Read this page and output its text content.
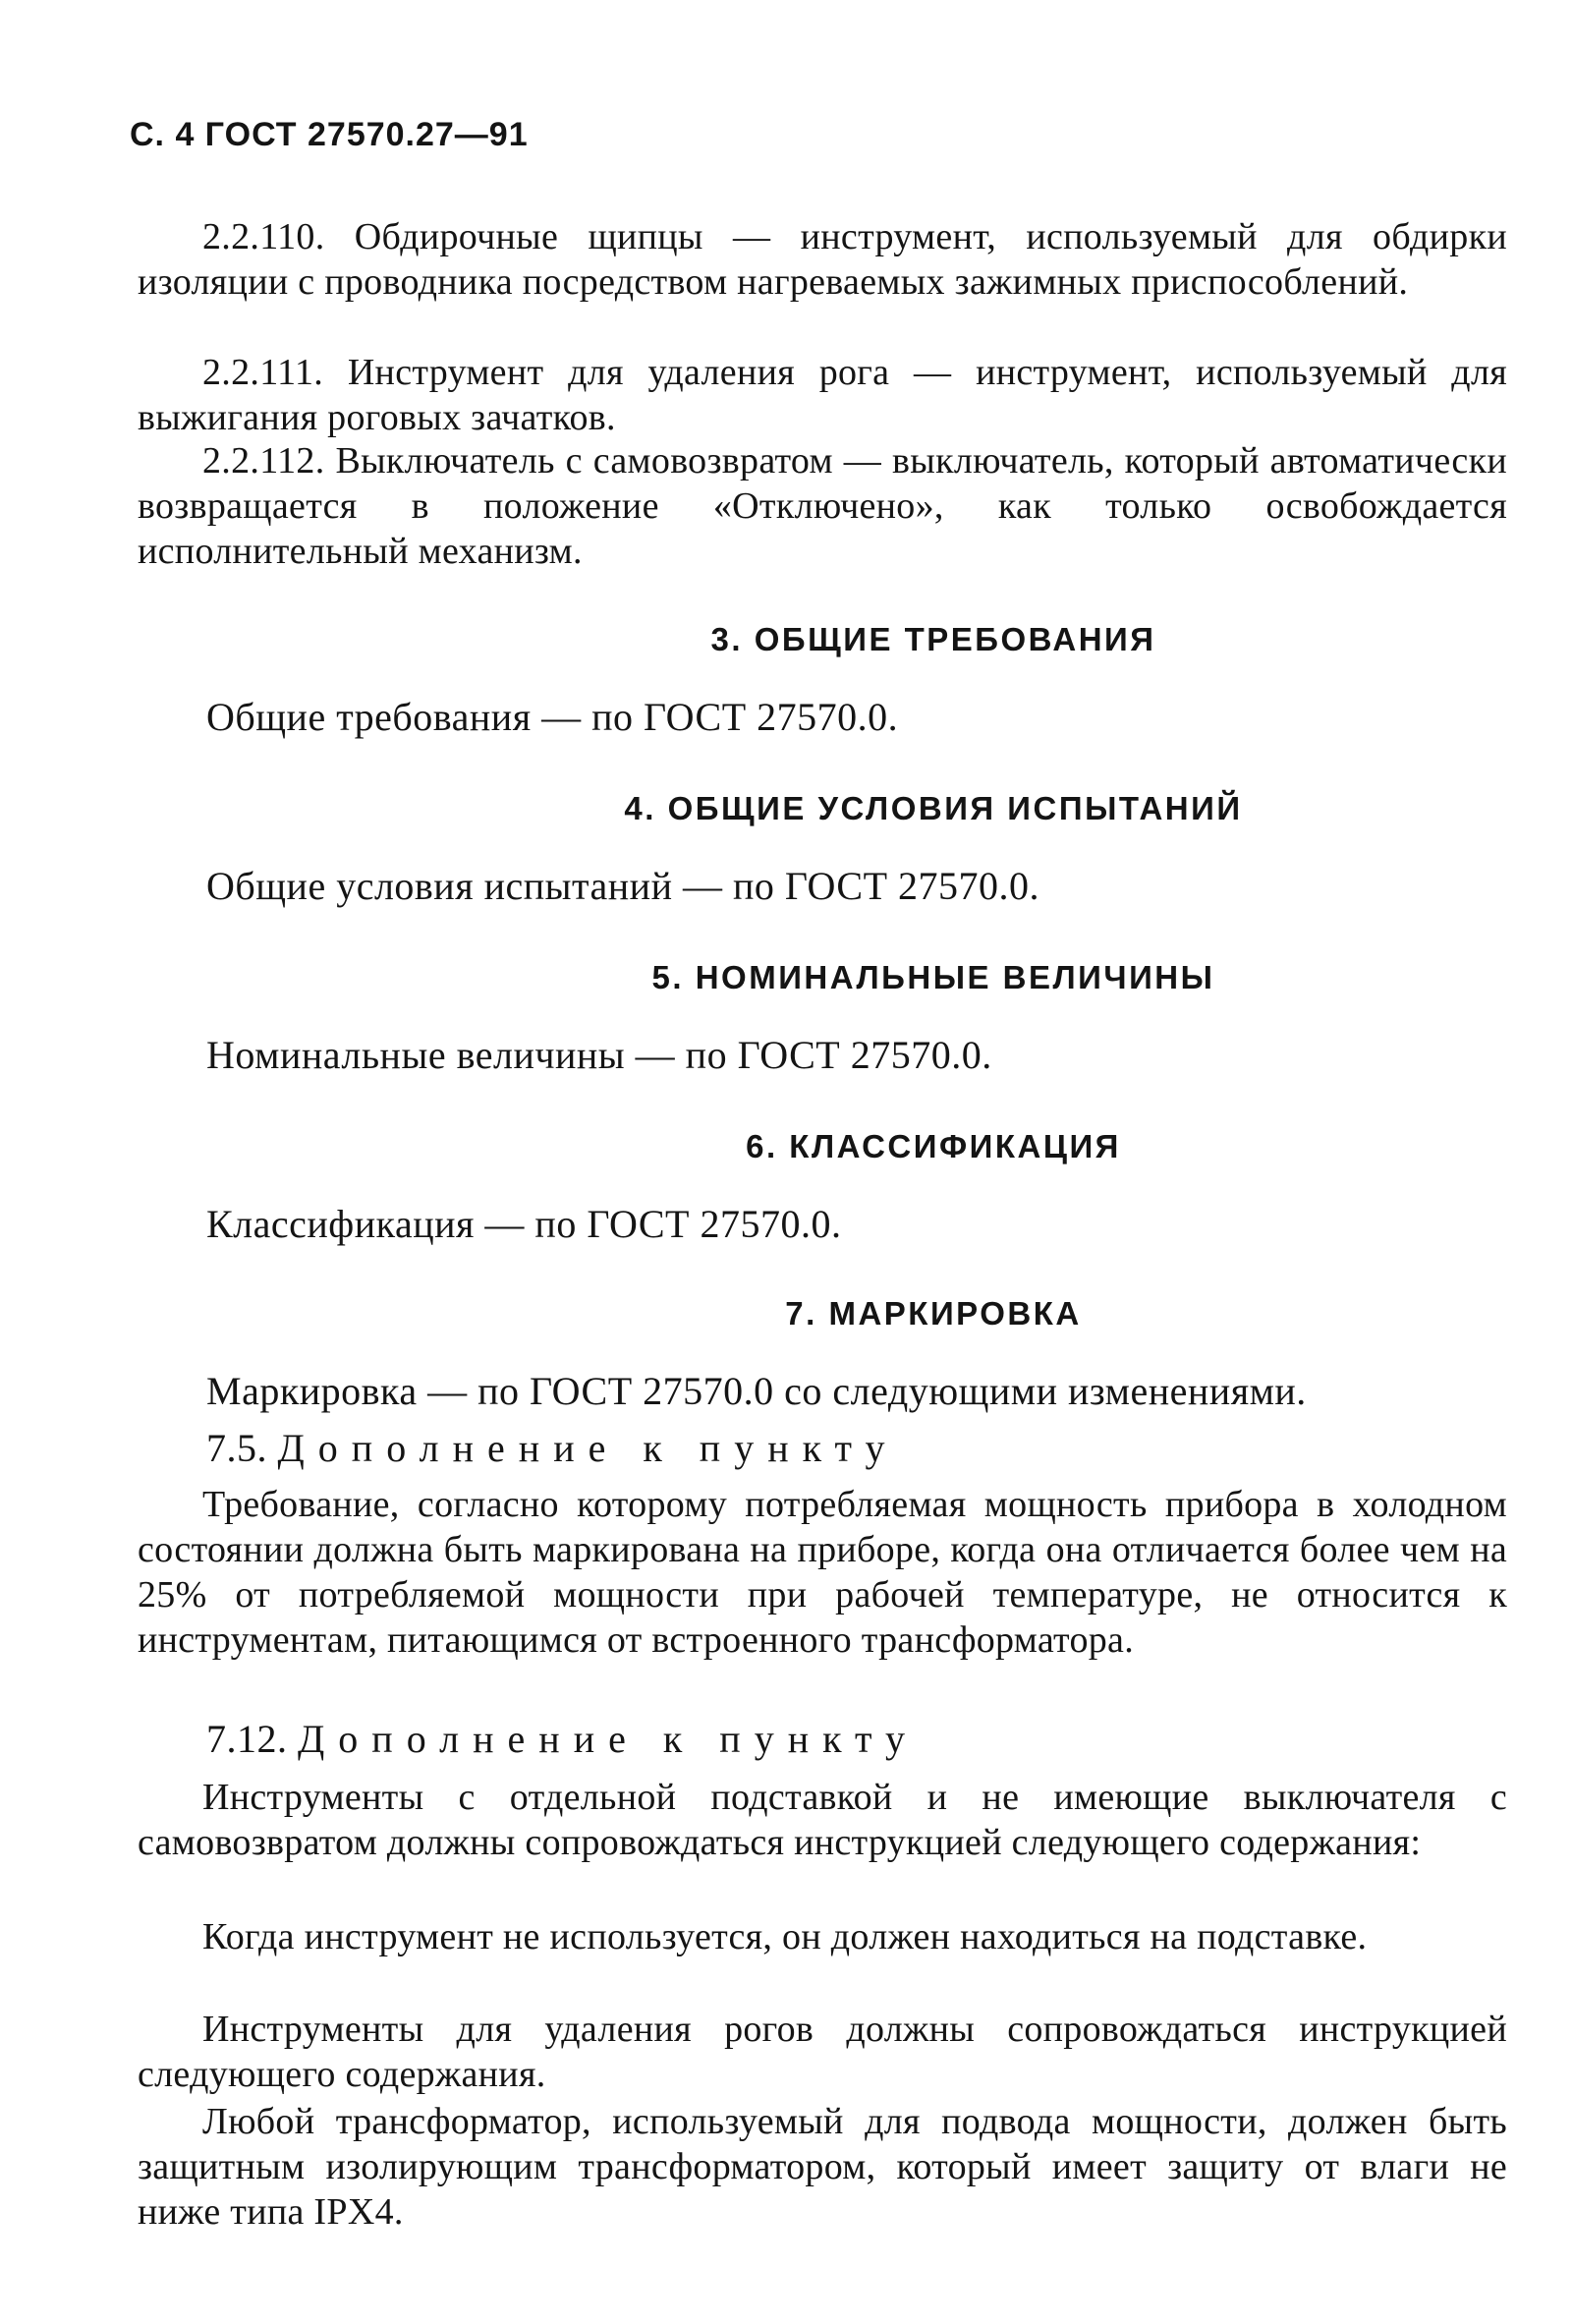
С. 4 ГОСТ 27570.27—91

2.2.110. Обдирочные щипцы — инструмент, используемый для обдирки изоляции с проводника посредством нагреваемых зажимных приспособлений.

2.2.111. Инструмент для удаления рога — инструмент, используемый для выжигания роговых зачатков.

2.2.112. Выключатель с самовозвратом — выключатель, который автоматически возвращается в положение «Отключено», как только освобождается исполнительный механизм.

3. ОБЩИЕ ТРЕБОВАНИЯ

Общие требования — по ГОСТ 27570.0.

4. ОБЩИЕ УСЛОВИЯ ИСПЫТАНИЙ

Общие условия испытаний — по ГОСТ 27570.0.

5. НОМИНАЛЬНЫЕ ВЕЛИЧИНЫ

Номинальные величины — по ГОСТ 27570.0.

6. КЛАССИФИКАЦИЯ

Классификация — по ГОСТ 27570.0.

7. МАРКИРОВКА

Маркировка — по ГОСТ 27570.0 со следующими изменениями.

7.5. Дополнение к пункту

Требование, согласно которому потребляемая мощность прибора в холодном состоянии должна быть маркирована на приборе, когда она отличается более чем на 25% от потребляемой мощности при рабочей температуре, не относится к инструментам, питающимся от встроенного трансформатора.

7.12. Дополнение к пункту

Инструменты с отдельной подставкой и не имеющие выключателя с самовозвратом должны сопровождаться инструкцией следующего содержания:

Когда инструмент не используется, он должен находиться на подставке.

Инструменты для удаления рогов должны сопровождаться инструкцией следующего содержания.

Любой трансформатор, используемый для подвода мощности, должен быть защитным изолирующим трансформатором, который имеет защиту от влаги не ниже типа IPX4.
